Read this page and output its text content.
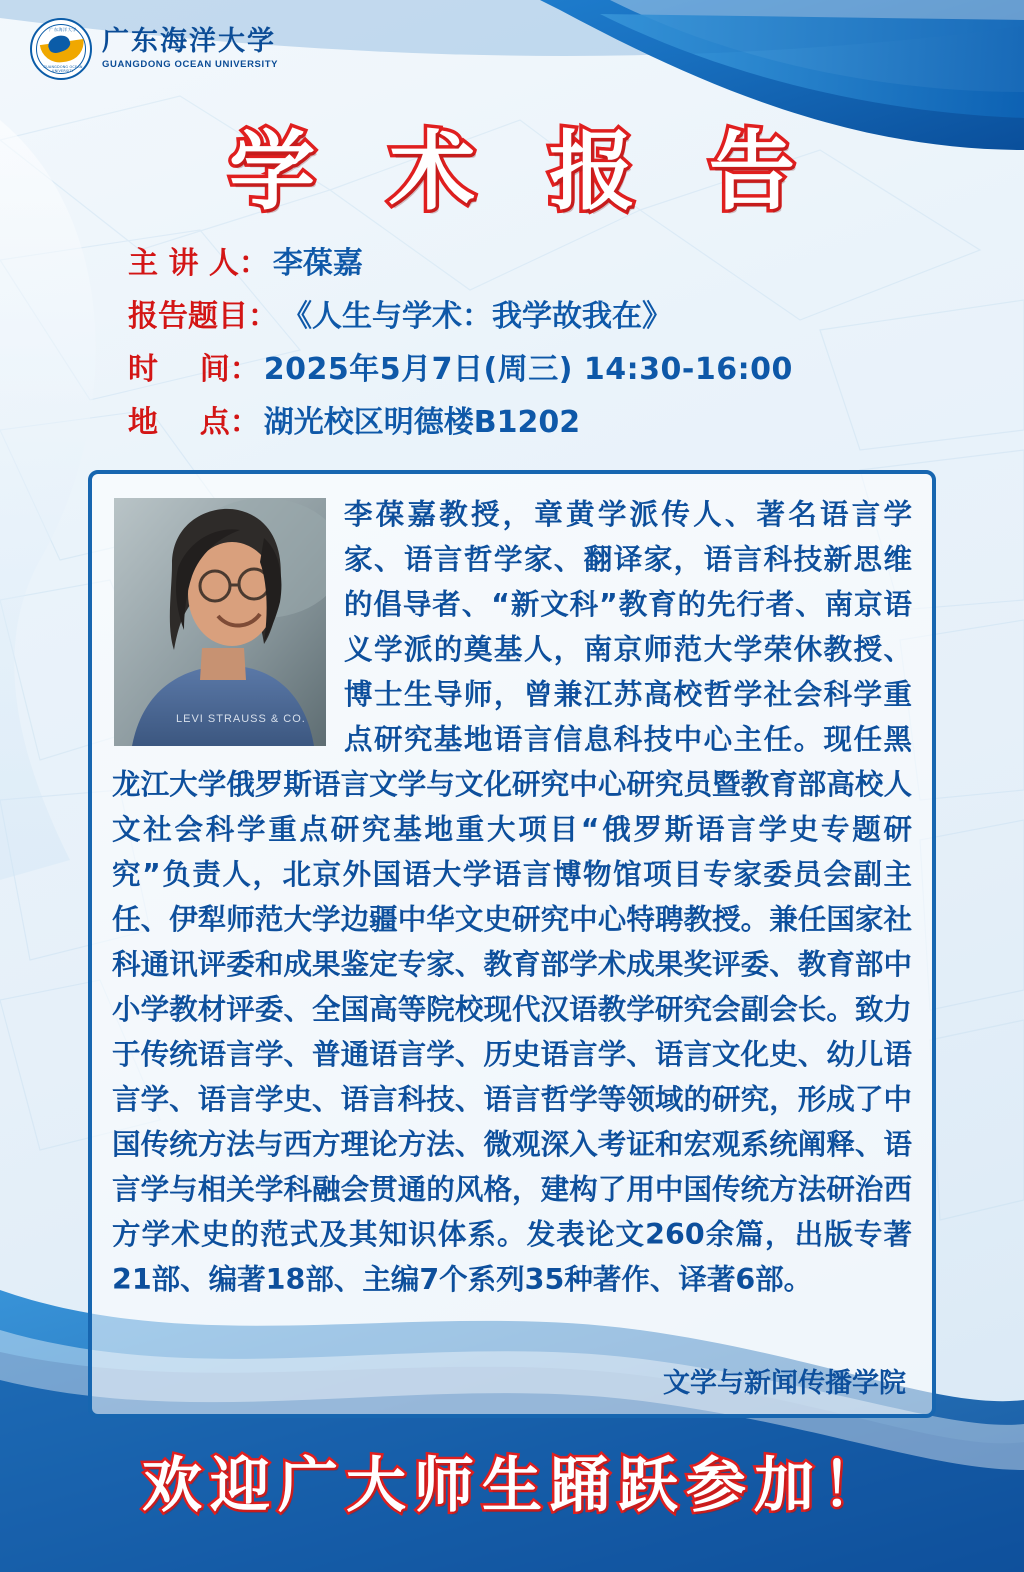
广东海洋大学
GUANGDONG OCEAN UNIVERSITY
广东海洋大学
GUANGDONG OCEAN UNIVERSITY
学 术 报 告
主 讲 人： 李葆嘉
报告题目： 《人生与学术：我学故我在》
时    间： 2025年5月7日(周三) 14:30-16:00
地    点： 湖光校区明德楼B1202
LEVI STRAUSS & CO.
李葆嘉教授，章黄学派传人、著名语言学家、语言哲学家、翻译家，语言科技新思维的倡导者、“新文科”教育的先行者、南京语义学派的奠基人，南京师范大学荣休教授、博士生导师，曾兼江苏高校哲学社会科学重点研究基地语言信息科技中心主任。现任黑龙江大学俄罗斯语言文学与文化研究中心研究员暨教育部高校人文社会科学重点研究基地重大项目“俄罗斯语言学史专题研究”负责人，北京外国语大学语言博物馆项目专家委员会副主任、伊犁师范大学边疆中华文史研究中心特聘教授。兼任国家社科通讯评委和成果鉴定专家、教育部学术成果奖评委、教育部中小学教材评委、全国高等院校现代汉语教学研究会副会长。致力于传统语言学、普通语言学、历史语言学、语言文化史、幼儿语言学、语言学史、语言科技、语言哲学等领域的研究，形成了中国传统方法与西方理论方法、微观深入考证和宏观系统阐释、语言学与相关学科融会贯通的风格，建构了用中国传统方法研治西方学术史的范式及其知识体系。发表论文260余篇，出版专著21部、编著18部、主编7个系列35种著作、译著6部。
文学与新闻传播学院
欢迎广大师生踊跃参加！
